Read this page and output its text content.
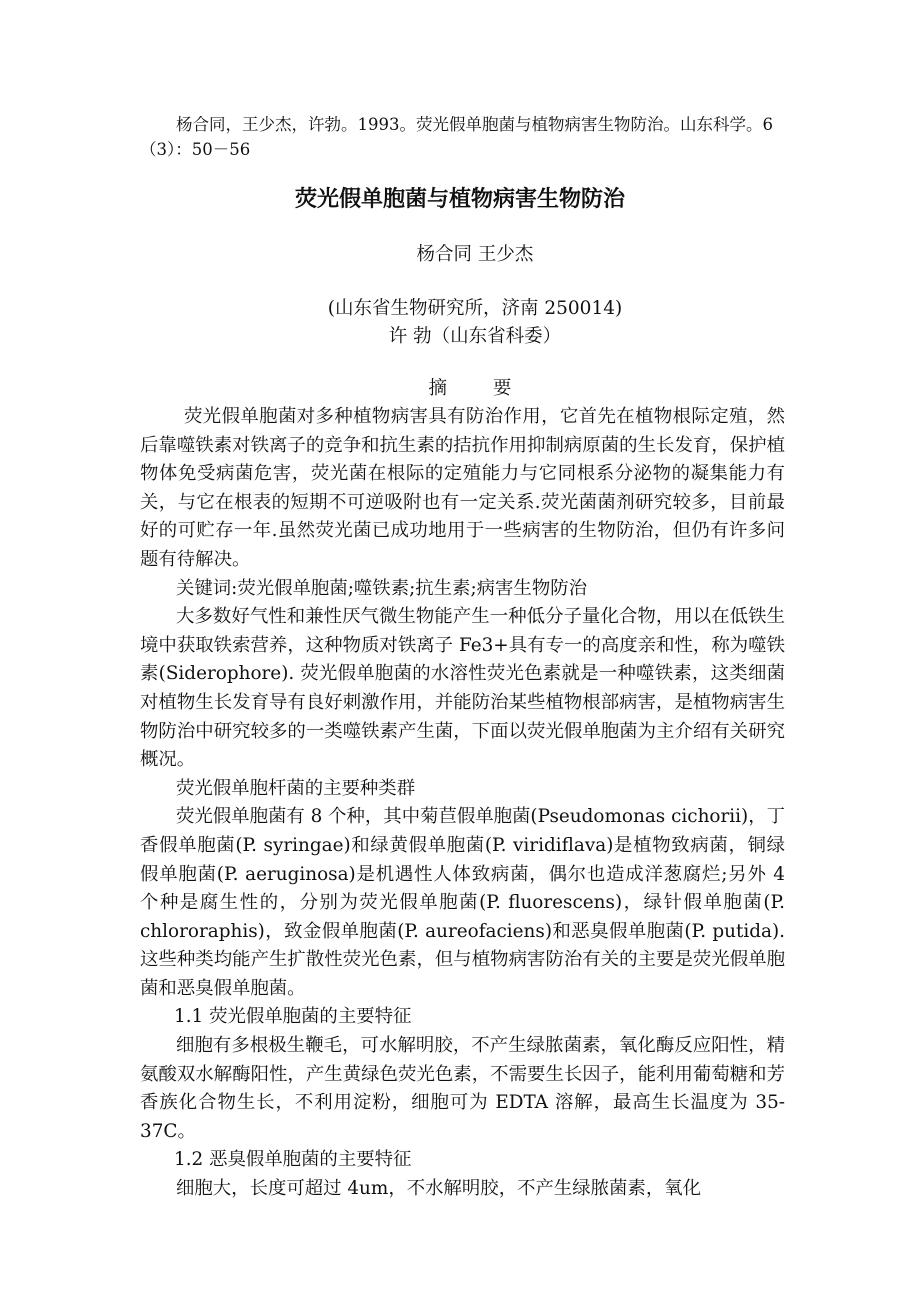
杨合同，王少杰，许勃。1993。荧光假单胞菌与植物病害生物防治。山东科学。6（3）：50－56
荧光假单胞菌与植物病害生物防治
杨合同 王少杰
(山东省生物研究所，济南 250014)
许 勃（山东省科委）
摘 要

荧光假单胞菌对多种植物病害具有防治作用，它首先在植物根际定殖，然后靠噬铁素对铁离子的竞争和抗生素的拮抗作用抑制病原菌的生长发育，保护植物体免受病菌危害，荧光菌在根际的定殖能力与它同根系分泌物的凝集能力有关，与它在根表的短期不可逆吸附也有一定关系.荧光菌菌剂研究较多，目前最好的可贮存一年.虽然荧光菌已成功地用于一些病害的生物防治，但仍有许多问题有待解决。

关键词:荧光假单胞菌;噬铁素;抗生素;病害生物防治

大多数好气性和兼性厌气微生物能产生一种低分子量化合物，用以在低铁生境中获取铁索营养，这种物质对铁离子 Fe3+具有专一的高度亲和性，称为噬铁素(Siderophore). 荧光假单胞菌的水溶性荧光色素就是一种噬铁素，这类细菌对植物生长发育导有良好刺激作用，并能防治某些植物根部病害，是植物病害生物防治中研究较多的一类噬铁素产生菌，下面以荧光假单胞菌为主介绍有关研究概况。

荧光假单胞杆菌的主要种类群

荧光假单胞菌有 8 个种，其中菊苣假单胞菌(Pseudomonas cichorii)，丁香假单胞菌(P. syringae)和绿黄假单胞菌(P. viridiflava)是植物致病菌，铜绿假单胞菌(P. aeruginosa)是机遇性人体致病菌，偶尔也造成洋葱腐烂;另外 4 个种是腐生性的，分别为荧光假单胞菌(P. fluorescens)，绿针假单胞菌(P. chlororaphis)，致金假单胞菌(P. aureofaciens)和恶臭假单胞菌(P. putida). 这些种类均能产生扩散性荧光色素，但与植物病害防治有关的主要是荧光假单胞菌和恶臭假单胞菌。

1.1 荧光假单胞菌的主要特征

细胞有多根极生鞭毛，可水解明胶，不产生绿脓菌素，氧化酶反应阳性，精氨酸双水解酶阳性，产生黄绿色荧光色素，不需要生长因子，能利用葡萄糖和芳香族化合物生长，不利用淀粉，细胞可为 EDTA 溶解，最高生长温度为 35-37C。

1.2 恶臭假单胞菌的主要特征

细胞大，长度可超过 4um，不水解明胶，不产生绿脓菌素，氧化
